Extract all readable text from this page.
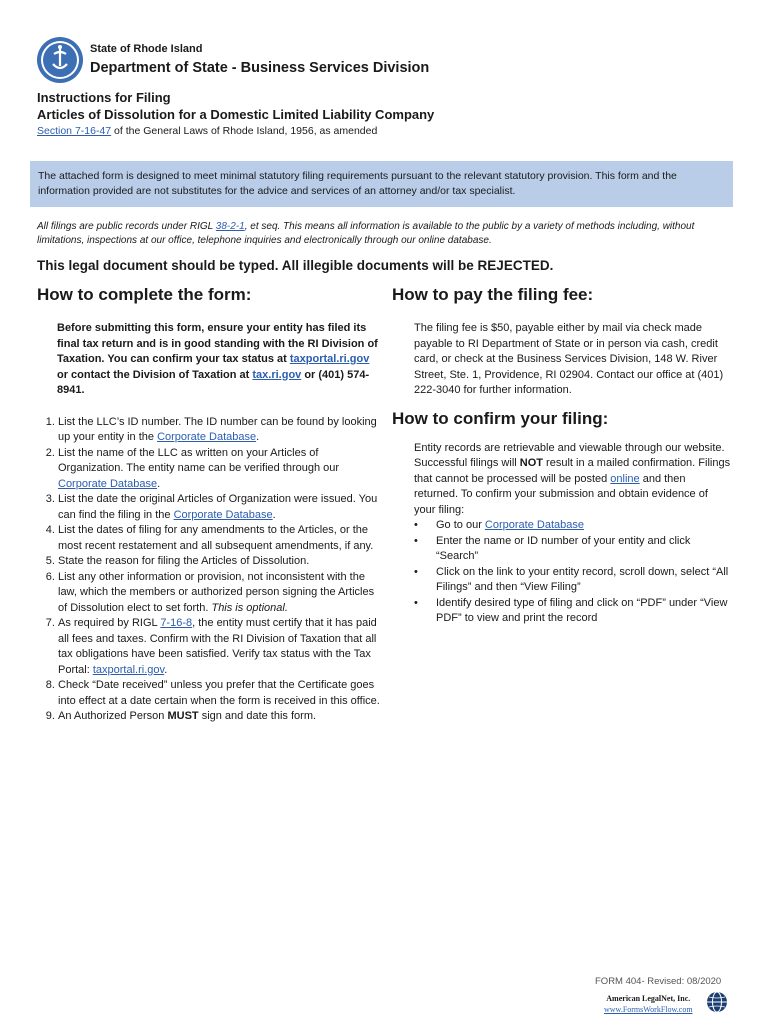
State of Rhode Island
Department of State - Business Services Division
Instructions for Filing
Articles of Dissolution for a Domestic Limited Liability Company
Section 7-16-47 of the General Laws of Rhode Island, 1956, as amended
The attached form is designed to meet minimal statutory filing requirements pursuant to the relevant statutory provision. This form and the information provided are not substitutes for the advice and services of an attorney and/or tax specialist.
All filings are public records under RIGL 38-2-1, et seq. This means all information is available to the public by a variety of methods including, without limitations, inspections at our office, telephone inquiries and electronically through our online database.
This legal document should be typed. All illegible documents will be REJECTED.
How to complete the form:
Before submitting this form, ensure your entity has filed its final tax return and is in good standing with the RI Division of Taxation. You can confirm your tax status at taxportal.ri.gov or contact the Division of Taxation at tax.ri.gov or (401) 574-8941.
1. List the LLC’s ID number. The ID number can be found by looking up your entity in the Corporate Database.
2. List the name of the LLC as written on your Articles of Organization. The entity name can be verified through our Corporate Database.
3. List the date the original Articles of Organization were issued. You can find the filing in the Corporate Database.
4. List the dates of filing for any amendments to the Articles, or the most recent restatement and all subsequent amendments, if any.
5. State the reason for filing the Articles of Dissolution.
6. List any other information or provision, not inconsistent with the law, which the members or authorized person signing the Articles of Dissolution elect to set forth. This is optional.
7. As required by RIGL 7-16-8, the entity must certify that it has paid all fees and taxes. Confirm with the RI Division of Taxation that all tax obligations have been satisfied. Verify tax status with the Tax Portal: taxportal.ri.gov.
8. Check “Date received” unless you prefer that the Certificate goes into effect at a date certain when the form is received in this office.
9. An Authorized Person MUST sign and date this form.
How to pay the filing fee:
The filing fee is $50, payable either by mail via check made payable to RI Department of State or in person via cash, credit card, or check at the Business Services Division, 148 W. River Street, Ste. 1, Providence, RI 02904. Contact our office at (401) 222-3040 for further information.
How to confirm your filing:
Entity records are retrievable and viewable through our website. Successful filings will NOT result in a mailed confirmation. Filings that cannot be processed will be posted online and then returned. To confirm your submission and obtain evidence of your filing:
• Go to our Corporate Database
• Enter the name or ID number of your entity and click “Search”
• Click on the link to your entity record, scroll down, select “All Filings” and then “View Filing”
• Identify desired type of filing and click on “PDF” under “View PDF” to view and print the record
FORM 404- Revised: 08/2020
American LegalNet, Inc.
www.FormsWorkFlow.com
